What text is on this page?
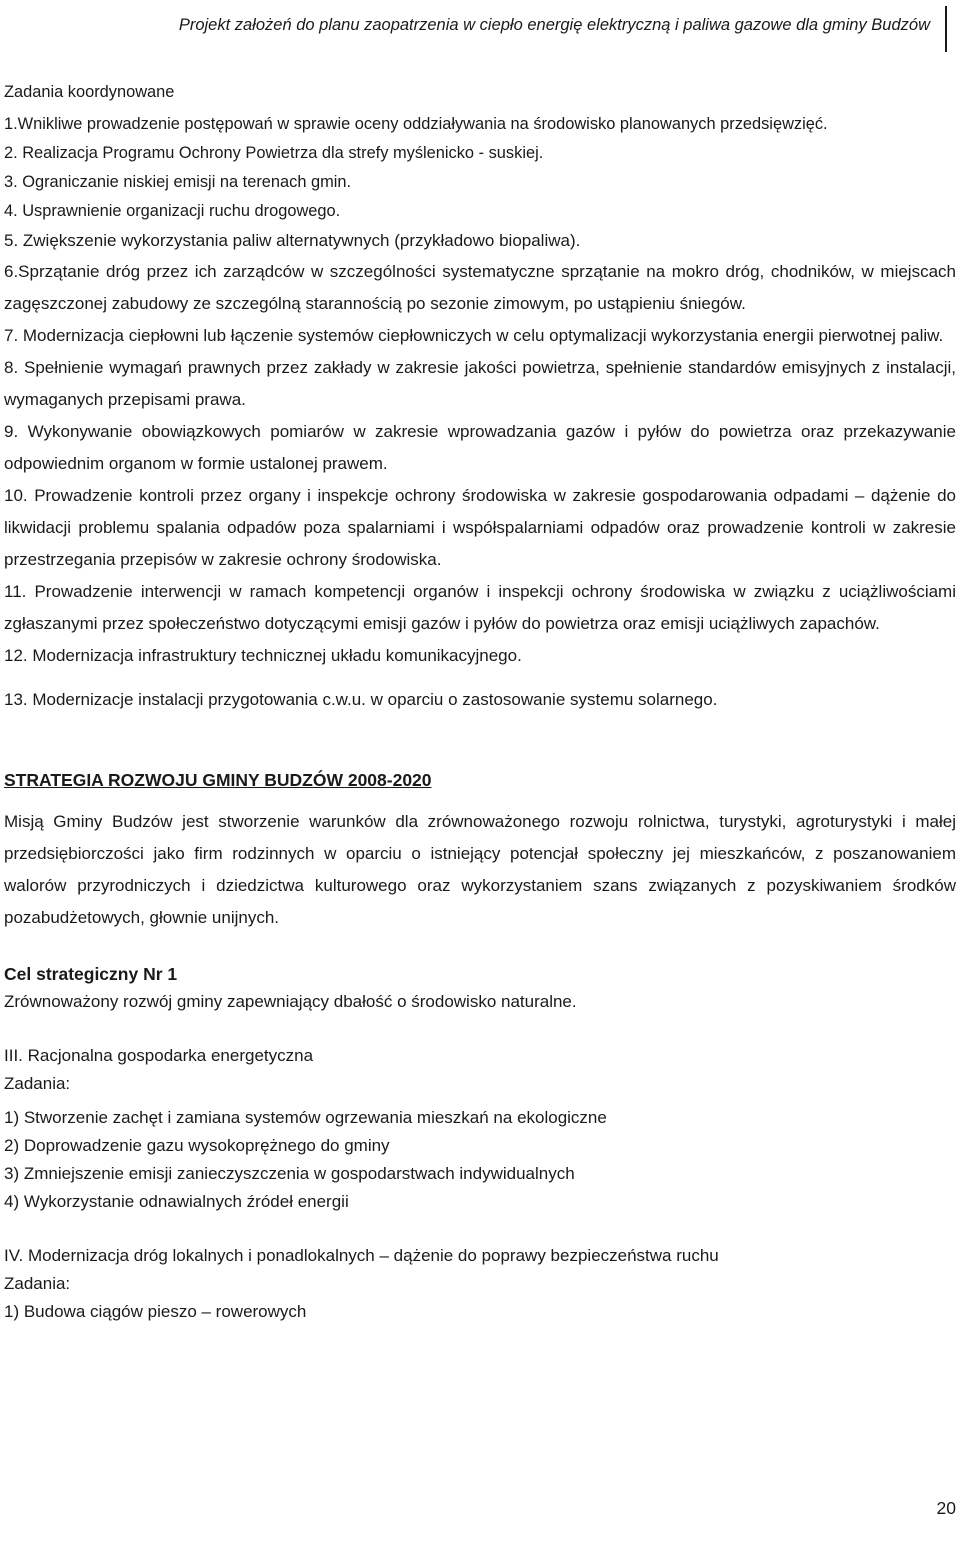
Projekt założeń do planu zaopatrzenia w ciepło energię elektryczną i paliwa gazowe dla gminy Budzów

Zadania koordynowane

1.Wnikliwe prowadzenie postępowań w sprawie oceny oddziaływania na środowisko planowanych przedsięwzięć.

2. Realizacja Programu Ochrony Powietrza dla strefy myślenicko - suskiej.

3. Ograniczanie niskiej emisji na terenach gmin.

4. Usprawnienie organizacji ruchu drogowego.

5. Zwiększenie wykorzystania paliw alternatywnych (przykładowo biopaliwa).

6.Sprzątanie dróg przez ich zarządców w szczególności systematyczne sprzątanie na mokro dróg, chodników, w miejscach zagęszczonej zabudowy ze szczególną starannością po sezonie zimowym, po ustąpieniu śniegów.

7. Modernizacja ciepłowni lub łączenie systemów ciepłowniczych w celu optymalizacji wykorzystania energii pierwotnej paliw.

8. Spełnienie wymagań prawnych przez zakłady w zakresie jakości powietrza, spełnienie standardów emisyjnych z instalacji, wymaganych przepisami prawa.

9. Wykonywanie obowiązkowych pomiarów w zakresie wprowadzania gazów i pyłów do powietrza oraz przekazywanie odpowiednim organom w formie ustalonej prawem.

10. Prowadzenie kontroli przez organy i inspekcje ochrony środowiska w zakresie gospodarowania odpadami – dążenie do likwidacji problemu spalania odpadów poza spalarniami i współspalarniami odpadów oraz prowadzenie kontroli w zakresie przestrzegania przepisów w zakresie ochrony środowiska.

11. Prowadzenie interwencji w ramach kompetencji organów i inspekcji ochrony środowiska w związku z uciążliwościami zgłaszanymi przez społeczeństwo dotyczącymi emisji gazów i pyłów do powietrza oraz emisji uciążliwych zapachów.

12. Modernizacja infrastruktury technicznej układu komunikacyjnego.

13. Modernizacje instalacji przygotowania c.w.u. w oparciu o zastosowanie systemu solarnego.

STRATEGIA ROZWOJU GMINY BUDZÓW 2008-2020

Misją Gminy Budzów jest stworzenie warunków dla zrównoważonego rozwoju rolnictwa, turystyki, agroturystyki i małej przedsiębiorczości jako firm rodzinnych w oparciu o istniejący potencjał społeczny jej mieszkańców, z poszanowaniem walorów przyrodniczych i dziedzictwa kulturowego oraz wykorzystaniem szans związanych z pozyskiwaniem środków pozabudżetowych, głownie unijnych.

Cel strategiczny Nr 1

Zrównoważony rozwój gminy zapewniający dbałość o środowisko naturalne.

III. Racjonalna gospodarka energetyczna

Zadania:

1) Stworzenie zachęt i zamiana systemów ogrzewania mieszkań na ekologiczne

2) Doprowadzenie gazu wysokoprężnego do gminy

3) Zmniejszenie emisji zanieczyszczenia w gospodarstwach indywidualnych

4) Wykorzystanie odnawialnych źródeł energii

IV. Modernizacja dróg lokalnych i ponadlokalnych – dążenie do poprawy bezpieczeństwa ruchu

Zadania:

1) Budowa ciągów pieszo – rowerowych

20
